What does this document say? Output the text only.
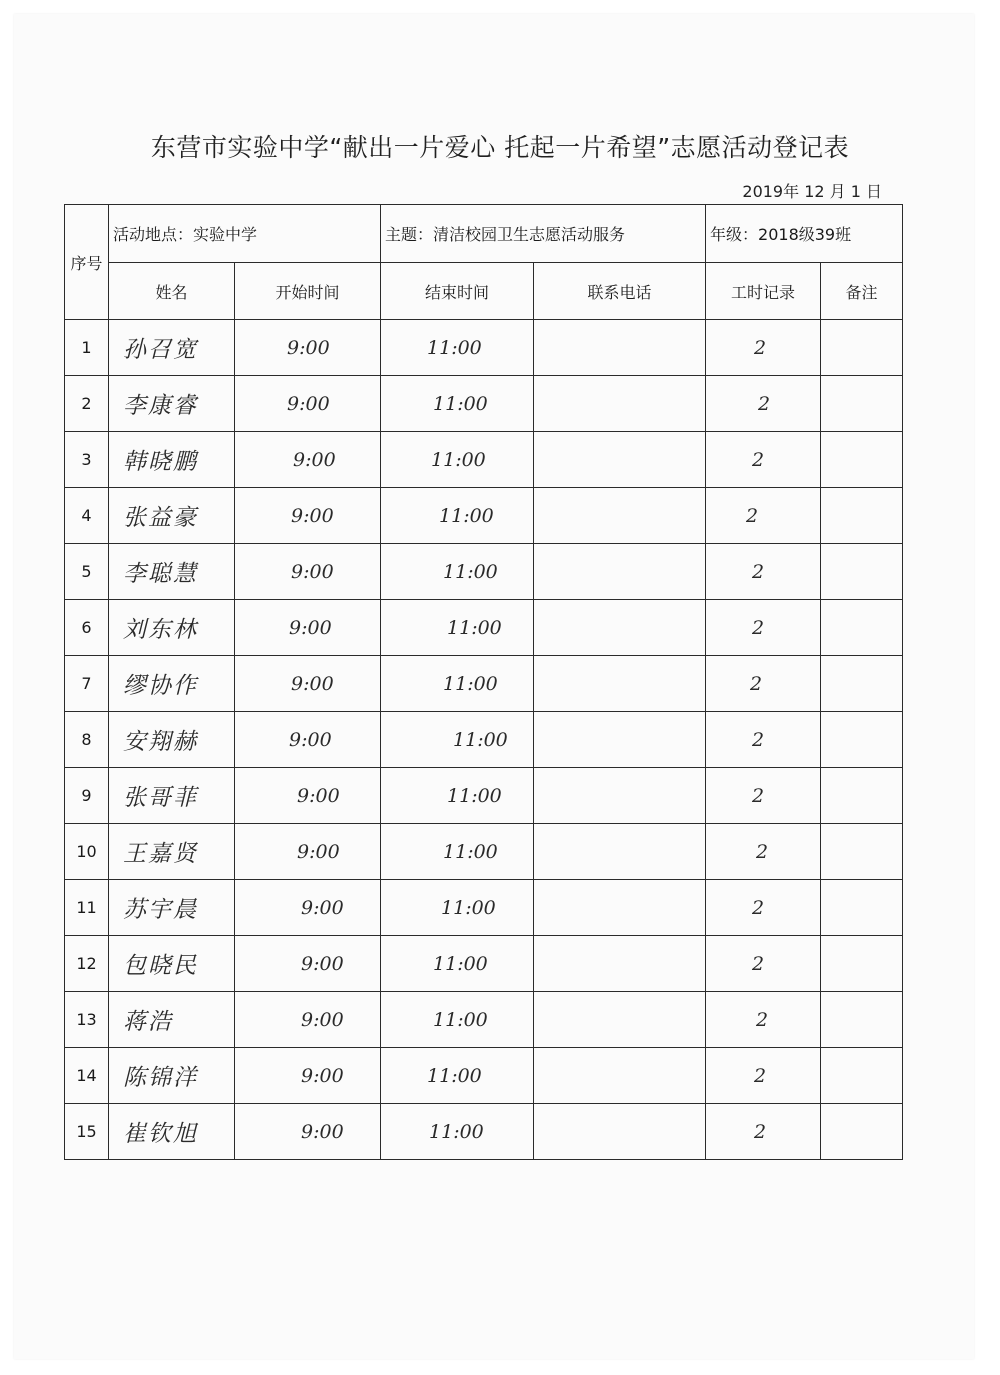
东营市实验中学“献出一片爱心 托起一片希望”志愿活动登记表
2019年 12 月 1 日
序号	活动地点：实验中学		主题：清洁校园卫生志愿活动服务		年级：2018级39班	
	姓名	开始时间	结束时间	联系电话	工时记录	备注
1	孙召宽	9:00	11:00		2	
2	李康睿	9:00	11:00		2	
3	韩晓鹏	9:00	11:00		2	
4	张益豪	9:00	11:00		2	
5	李聪慧	9:00	11:00		2	
6	刘东林	9:00	11:00		2	
7	缪协作	9:00	11:00		2	
8	安翔赫	9:00	11:00		2	
9	张哥菲	9:00	11:00		2	
10	王嘉贤	9:00	11:00		2	
11	苏宇晨	9:00	11:00		2	
12	包晓民	9:00	11:00		2	
13	蒋浩	9:00	11:00		2	
14	陈锦洋	9:00	11:00		2	
15	崔钦旭	9:00	11:00		2	
